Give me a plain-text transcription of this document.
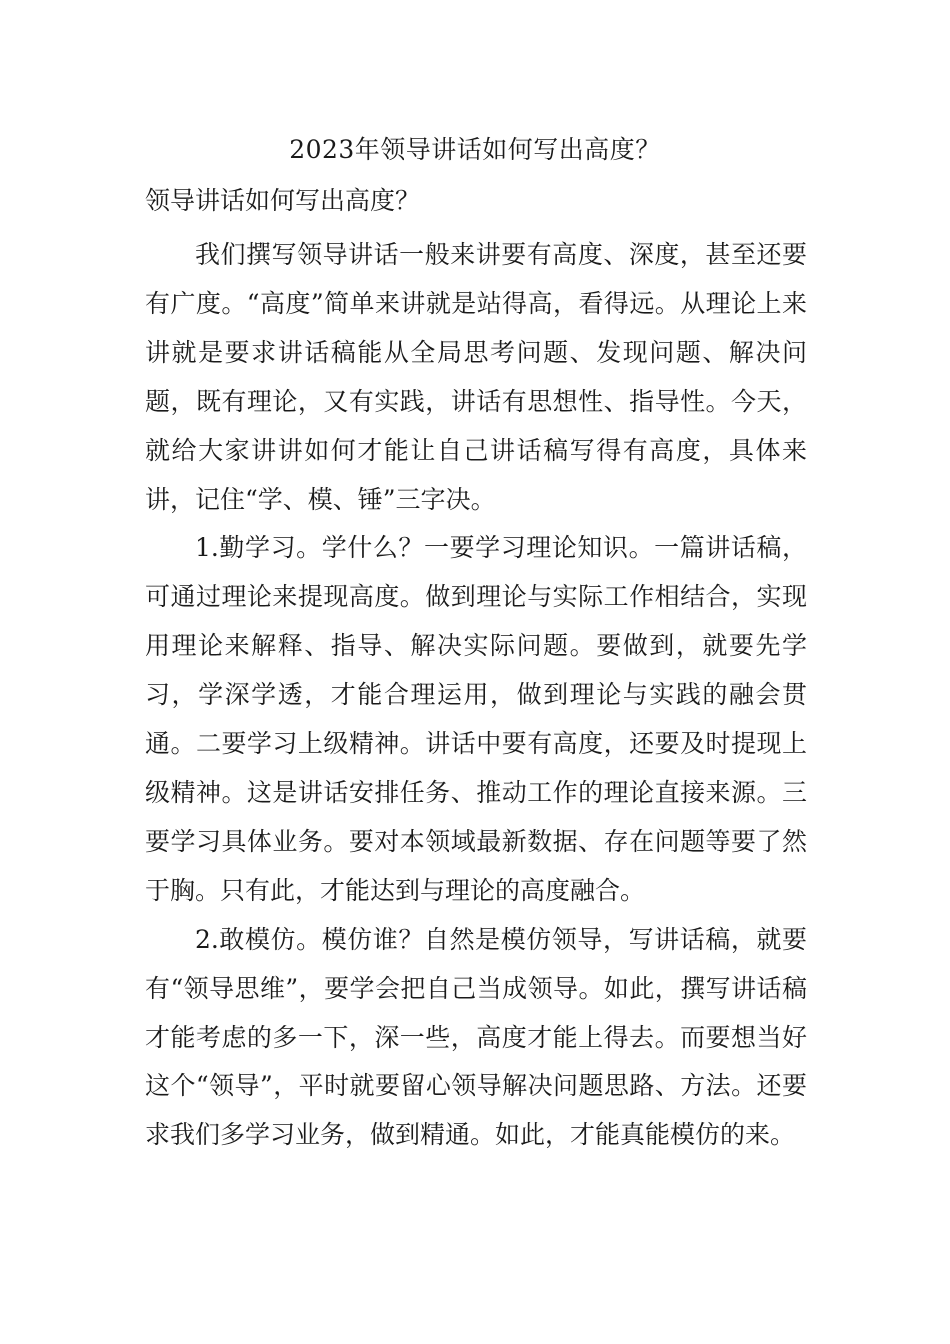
2023年领导讲话如何写出高度？

领导讲话如何写出高度？

我们撰写领导讲话一般来讲要有高度、深度，甚至还要有广度。“高度”简单来讲就是站得高，看得远。从理论上来讲就是要求讲话稿能从全局思考问题、发现问题、解决问题，既有理论，又有实践，讲话有思想性、指导性。今天，就给大家讲讲如何才能让自己讲话稿写得有高度，具体来讲，记住“学、模、锤”三字决。

1.勤学习。学什么？一要学习理论知识。一篇讲话稿，可通过理论来提现高度。做到理论与实际工作相结合，实现用理论来解释、指导、解决实际问题。要做到，就要先学习，学深学透，才能合理运用，做到理论与实践的融会贯通。二要学习上级精神。讲话中要有高度，还要及时提现上级精神。这是讲话安排任务、推动工作的理论直接来源。三要学习具体业务。要对本领域最新数据、存在问题等要了然于胸。只有此，才能达到与理论的高度融合。

2.敢模仿。模仿谁？自然是模仿领导，写讲话稿，就要有“领导思维”，要学会把自己当成领导。如此，撰写讲话稿才能考虑的多一下，深一些，高度才能上得去。而要想当好这个“领导”，平时就要留心领导解决问题思路、方法。还要求我们多学习业务，做到精通。如此，才能真能模仿的来。
